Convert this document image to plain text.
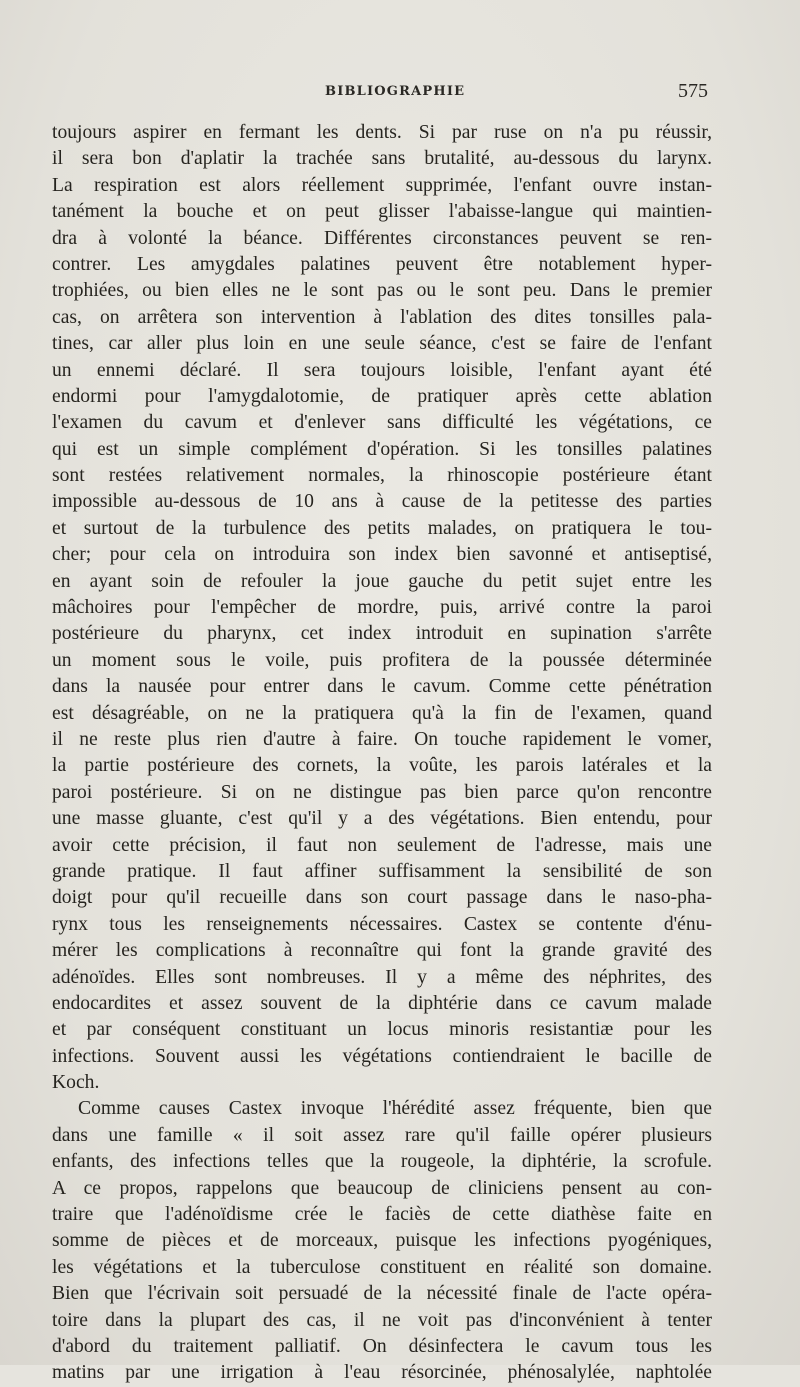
BIBLIOGRAPHIE	575
toujours aspirer en fermant les dents. Si par ruse on n'a pu réussir,
il sera bon d'aplatir la trachée sans brutalité, au-dessous du larynx.
La respiration est alors réellement supprimée, l'enfant ouvre instan-
tanément la bouche et on peut glisser l'abaisse-langue qui maintien-
dra à volonté la béance. Différentes circonstances peuvent se ren-
contrer. Les amygdales palatines peuvent être notablement hyper-
trophiées, ou bien elles ne le sont pas ou le sont peu. Dans le premier
cas, on arrêtera son intervention à l'ablation des dites tonsilles pala-
tines, car aller plus loin en une seule séance, c'est se faire de l'enfant
un ennemi déclaré. Il sera toujours loisible, l'enfant ayant été
endormi pour l'amygdalotomie, de pratiquer après cette ablation
l'examen du cavum et d'enlever sans difficulté les végétations, ce
qui est un simple complément d'opération. Si les tonsilles palatines
sont restées relativement normales, la rhinoscopie postérieure étant
impossible au-dessous de 10 ans à cause de la petitesse des parties
et surtout de la turbulence des petits malades, on pratiquera le tou-
cher; pour cela on introduira son index bien savonné et antiseptisé,
en ayant soin de refouler la joue gauche du petit sujet entre les
mâchoires pour l'empêcher de mordre, puis, arrivé contre la paroi
postérieure du pharynx, cet index introduit en supination s'arrête
un moment sous le voile, puis profitera de la poussée déterminée
dans la nausée pour entrer dans le cavum. Comme cette pénétration
est désagréable, on ne la pratiquera qu'à la fin de l'examen, quand
il ne reste plus rien d'autre à faire. On touche rapidement le vomer,
la partie postérieure des cornets, la voûte, les parois latérales et la
paroi postérieure. Si on ne distingue pas bien parce qu'on rencontre
une masse gluante, c'est qu'il y a des végétations. Bien entendu, pour
avoir cette précision, il faut non seulement de l'adresse, mais une
grande pratique. Il faut affiner suffisamment la sensibilité de son
doigt pour qu'il recueille dans son court passage dans le naso-pha-
rynx tous les renseignements nécessaires. Castex se contente d'énu-
mérer les complications à reconnaître qui font la grande gravité des
adénoïdes. Elles sont nombreuses. Il y a même des néphrites, des
endocardites et assez souvent de la diphtérie dans ce cavum malade
et par conséquent constituant un locus minoris resistantiæ pour les
infections. Souvent aussi les végétations contiendraient le bacille de
Koch.
Comme causes Castex invoque l'hérédité assez fréquente, bien que
dans une famille « il soit assez rare qu'il faille opérer plusieurs
enfants, des infections telles que la rougeole, la diphtérie, la scrofule.
A ce propos, rappelons que beaucoup de cliniciens pensent au con-
traire que l'adénoïdisme crée le faciès de cette diathèse faite en
somme de pièces et de morceaux, puisque les infections pyogéniques,
les végétations et la tuberculose constituent en réalité son domaine.
Bien que l'écrivain soit persuadé de la nécessité finale de l'acte opéra-
toire dans la plupart des cas, il ne voit pas d'inconvénient à tenter
d'abord du traitement palliatif. On désinfectera le cavum tous les
matins par une irrigation à l'eau résorcinée, phénosalylée, naphtolée
